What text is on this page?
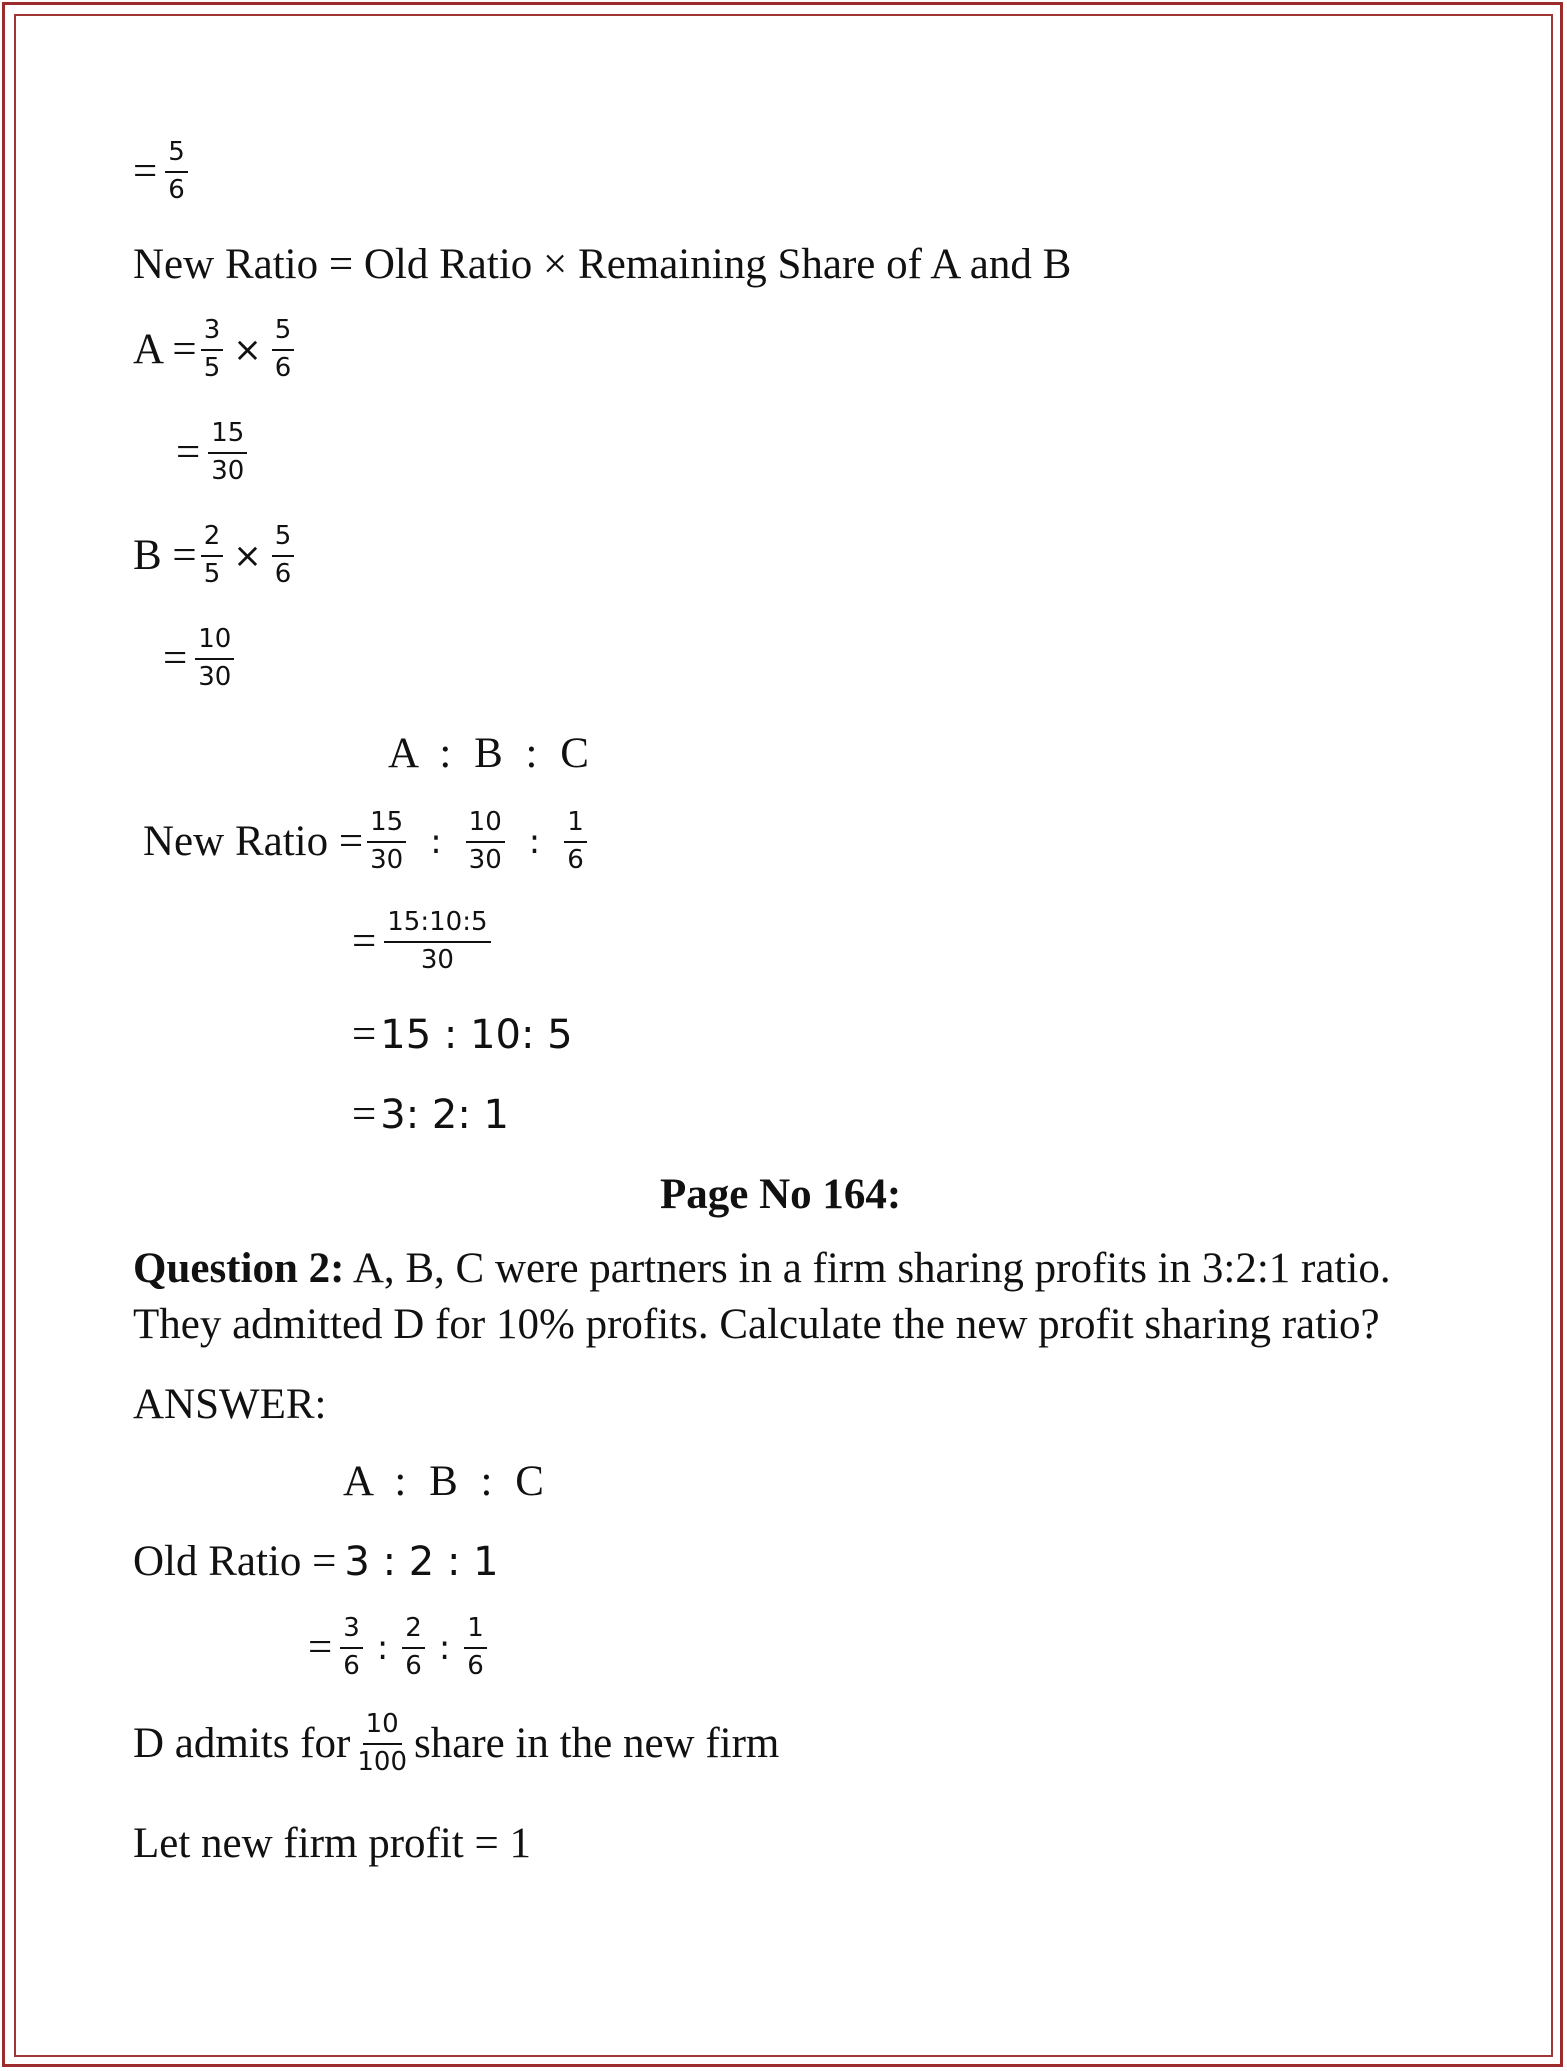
= $\frac{5}{6}$
New Ratio = Old Ratio × Remaining Share of A and B
$A = \frac{3}{5} \times \frac{5}{6}$
= $\frac{15}{30}$
$B = \frac{2}{5} \times \frac{5}{6}$
= $\frac{10}{30}$
A : B : C
New Ratio = $\frac{15}{30}$ : $\frac{10}{30}$ : $\frac{1}{6}$
= $\frac{15:10:5}{30}$
= 15 : 10: 5
= 3: 2: 1
Page No 164:
Question 2: A, B, C were partners in a firm sharing profits in 3:2:1 ratio. They admitted D for 10% profits. Calculate the new profit sharing ratio?
ANSWER:
A : B : C
Old Ratio = 3 : 2 : 1
= $\frac{3}{6}$ : $\frac{2}{6}$ : $\frac{1}{6}$
D admits for $\frac{10}{100}$ share in the new firm
Let new firm profit = 1
